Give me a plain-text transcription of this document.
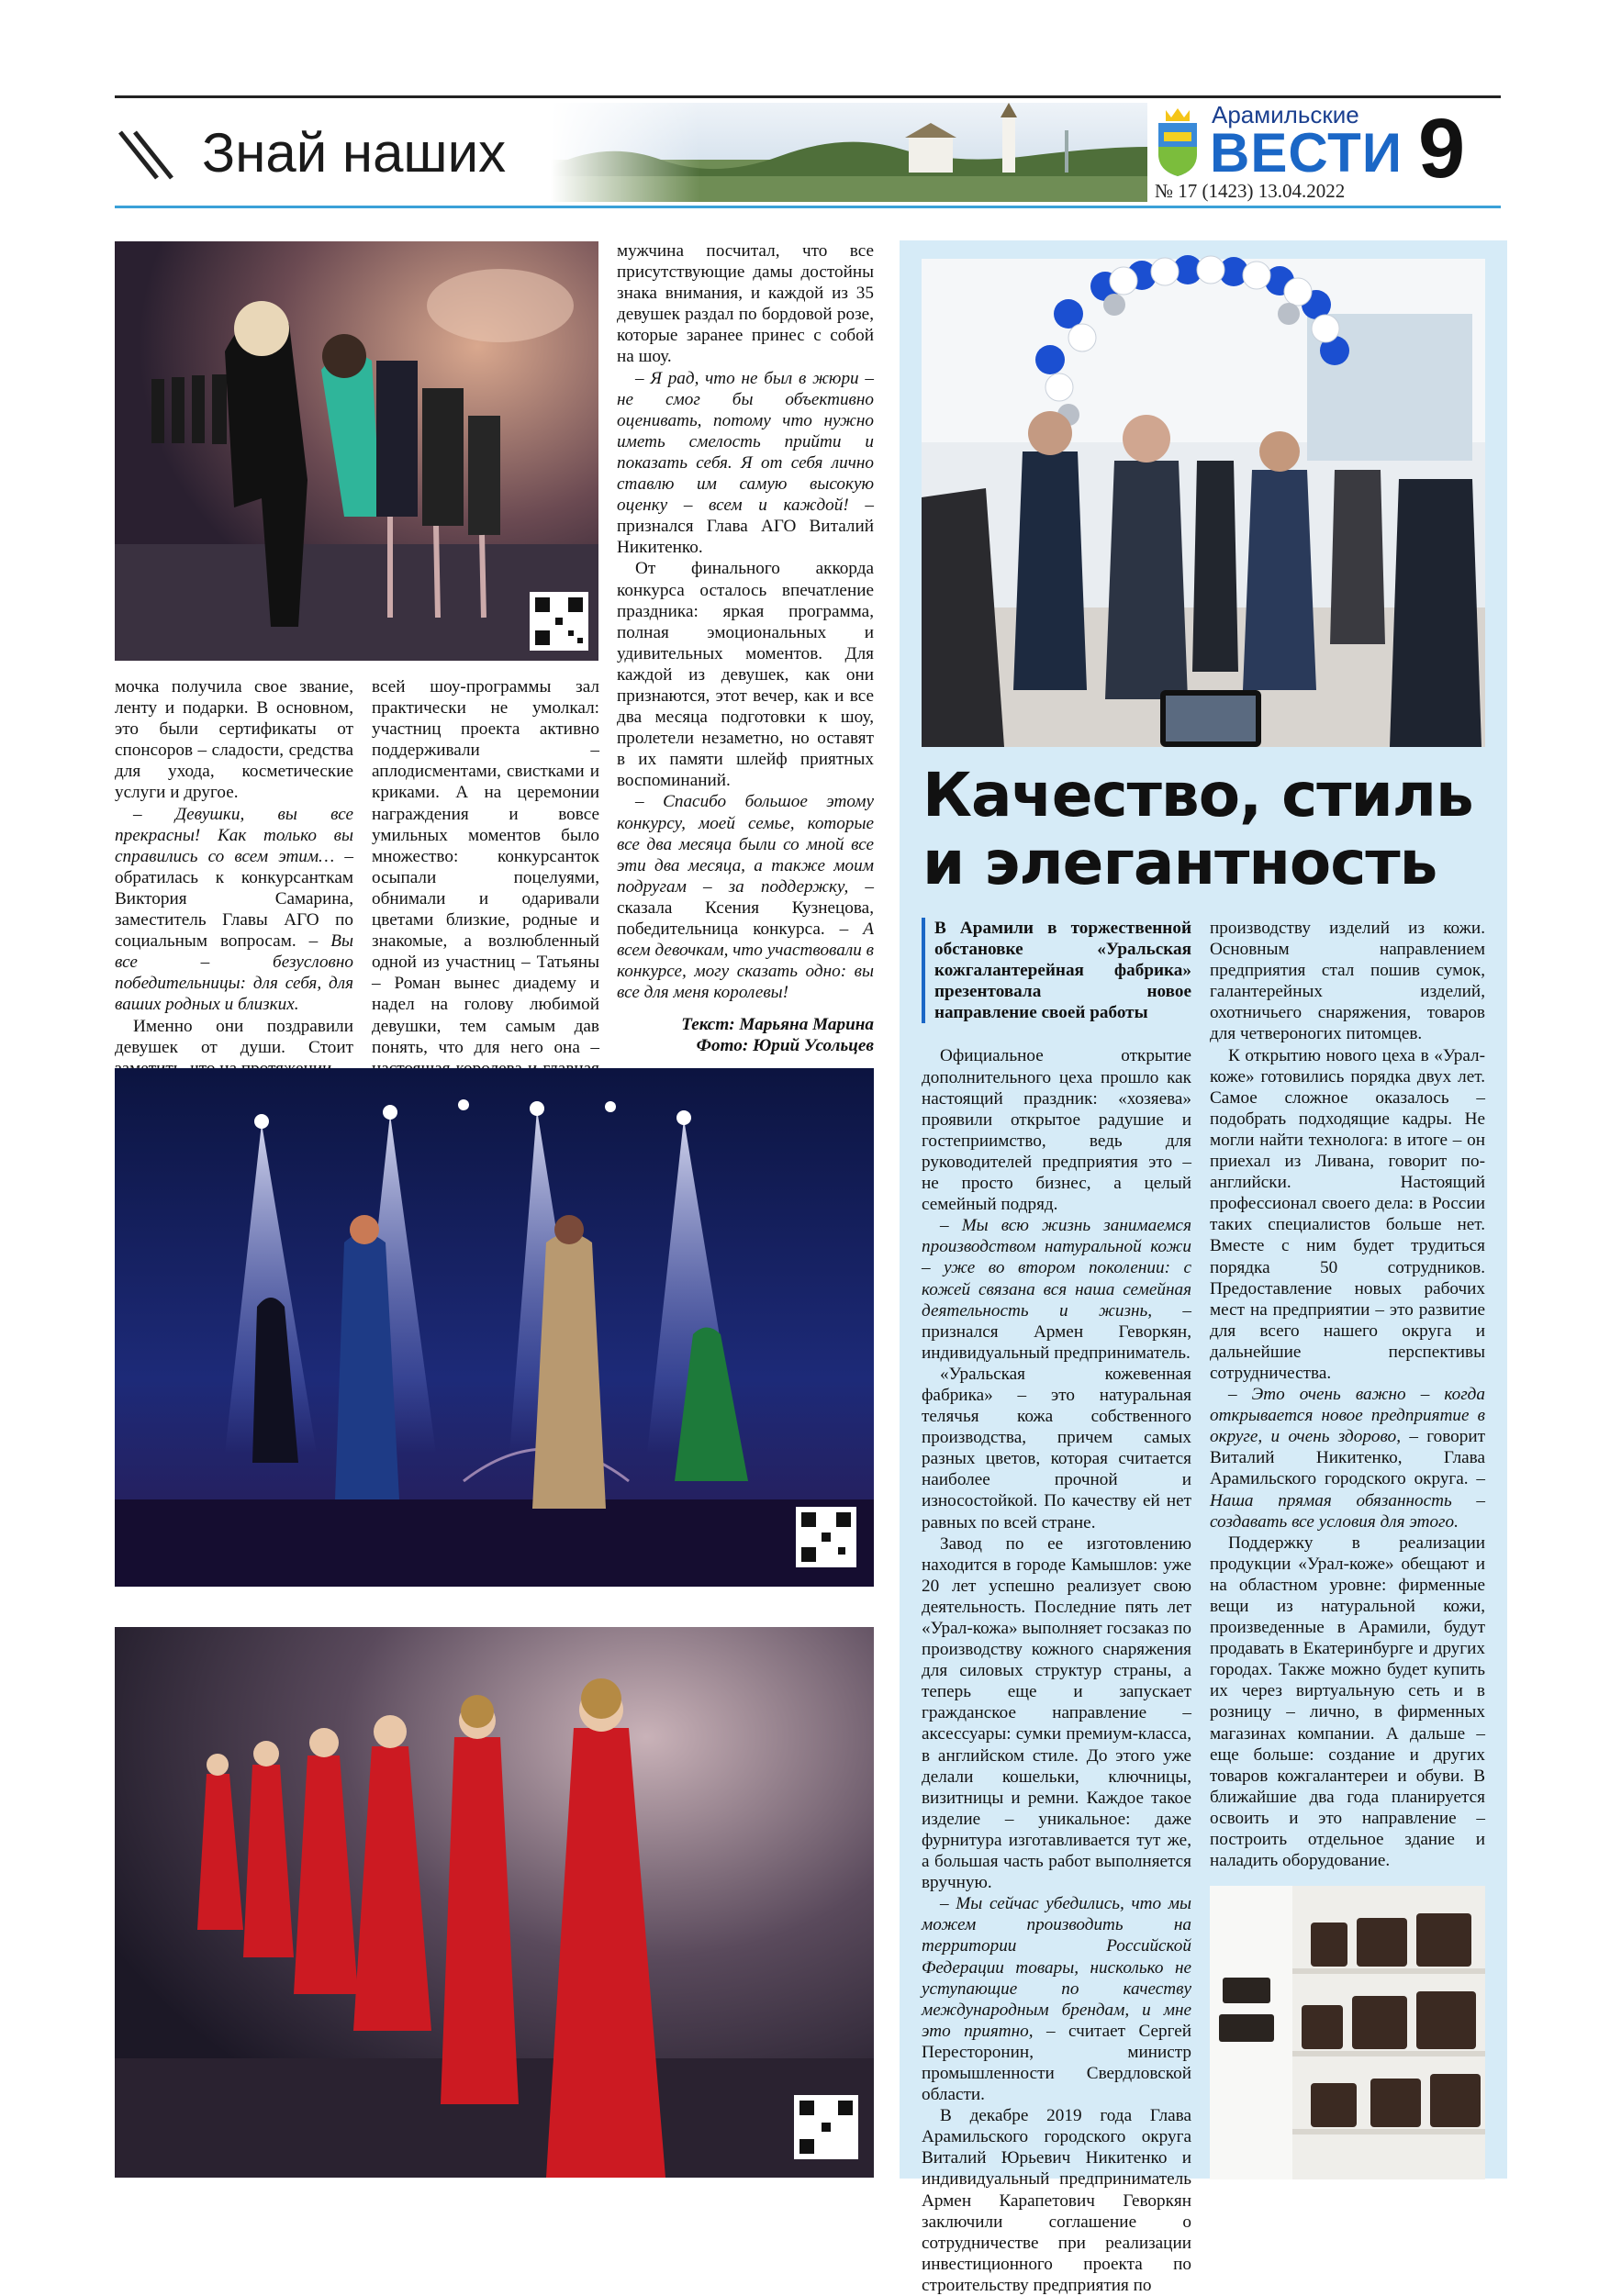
Знай наших
Арамильские
ВЕСТИ
№ 17 (1423) 13.04.2022 9

мужчина посчитал, что все присутствующие дамы достойны знака внимания, и каждой из 35 девушек раздал по бордовой розе, которые заранее принес с собой на шоу.

– Я рад, что не был в жюри – не смог бы объективно оценивать, потому что нужно иметь смелость прийти и показать себя. Я от себя лично ставлю им самую высокую оценку – всем и каждой! – признался Глава АГО Виталий Никитенко.

От финального аккорда конкурса осталось впечатление праздника: яркая программа, полная эмоциональных и удивительных моментов. Для каждой из девушек, как они признаются, этот вечер, как и все два месяца подготовки к шоу, пролетели незаметно, но оставят в их памяти шлейф приятных воспоминаний.

– Спасибо большое этому конкурсу, моей семье, которые все два месяца были со мной все эти два месяца, а также моим подругам – за поддержку, – сказала Ксения Кузнецова, победительница конкурса. – А всем девочкам, что участвовали в конкурсе, могу сказать одно: вы все для меня королевы!

Текст: Марьяна Марина
Фото: Юрий Усольцев

мочка получила свое звание, ленту и подарки. В основном, это были сертификаты от спонсоров – сладости, средства для ухода, косметические услуги и другое.

– Девушки, вы все прекрасны! Как только вы справились со всем этим… – обратилась к конкурсанткам Виктория Самарина, заместитель Главы АГО по социальным вопросам. – Вы все – безусловно победительницы: для себя, для ваших родных и близких.

Именно они поздравили девушек от души. Стоит

всей шоу-программы зал практически не умолкал: участниц проекта активно поддерживали – аплодисментами, свистками и криками. А на церемонии награждения и вовсе умильных моментов было множество: конкурсанток осыпали поцелуями, обнимали и одаривали цветами близкие, родные и знакомые, а возлюбленный одной из участниц – Татьяны – Роман вынес диадему и надел на голову любимой девушки, тем самым дав понять, что для него она –

Качество, стиль и элегантность
В Арамили в торжественной обстановке «Уральская кожгалантерейная фабрика» презентовала новое направление своей работы

Официальное открытие дополнительного цеха прошло как настоящий праздник: «хозяева» проявили открытое радушие и гостеприимство, ведь для руководителей предприятия это – не просто бизнес, а целый семейный подряд.

– Мы всю жизнь занимаемся производством натуральной кожи – уже во втором поколении: с кожей связана вся наша семейная деятельность и жизнь, – признался Армен Геворкян, индивидуальный предприниматель.

«Уральская кожевенная фабрика» – это натуральная телячья кожа собственного производства, причем самых разных цветов, которая считается наиболее прочной и износостойкой. По качеству ей нет равных по всей стране.

Завод по ее изготовлению находится в городе Камышлов: уже 20 лет успешно реализует свою деятельность. Последние пять лет «Урал-кожа» выполняет госзаказ по производству кожного снаряжения для силовых структур страны, а теперь еще и запускает гражданское направление – аксессуары: сумки премиум-класса, в английском стиле. До этого уже делали кошельки, ключницы, визитницы и ремни. Каждое такое изделие – уникальное: даже фурнитура изготавливается тут же, а большая часть работ выполняется вручную.

– Мы сейчас убедились, что мы можем производить на территории Российской Федерации товары, нисколько не уступающие по качеству международным брендам, и мне это приятно, – считает Сергей Пересторонин, министр промышленности Свердловской области.

В декабре 2019 года Глава Арамильского городского округа Виталий Юрьевич Никитенко и индивидуальный предприниматель Армен Карапетович Геворкян заключили соглашение о сотрудничестве при реализации инвестиционного проекта по строительству предприятия по

производству изделий из кожи. Основным направлением предприятия стал пошив сумок, галантерейных изделий, охотничьего снаряжения, товаров для четвероногих питомцев.

К открытию нового цеха в «Урал-коже» готовились порядка двух лет. Самое сложное оказалось – подобрать подходящие кадры. Не могли найти технолога: в итоге – он приехал из Ливана, говорит по-английски. Настоящий профессионал своего дела: в России таких специалистов больше нет. Вместе с ним будет трудиться порядка 50 сотрудников. Предоставление новых рабочих мест на предприятии – это развитие для всего нашего округа и дальнейшие перспективы сотрудничества.

– Это очень важно – когда открывается новое предприятие в округе, и очень здорово, – говорит Виталий Никитенко, Глава Арамильского городского округа. – Наша прямая обязанность – создавать все условия для этого.

Поддержку в реализации продукции «Урал-коже» обещают и на областном уровне: фирменные вещи из натуральной кожи, произведенные в Арамили, будут продавать в Екатеринбурге и других городах. Также можно будет купить их через виртуальную сеть и в розницу – лично, в фирменных магазинах компании. А дальше – еще больше: создание и других товаров кожгалантереи и обуви. В ближайшие два года планируется освоить и это направление – построить отдельное здание и наладить оборудование.
